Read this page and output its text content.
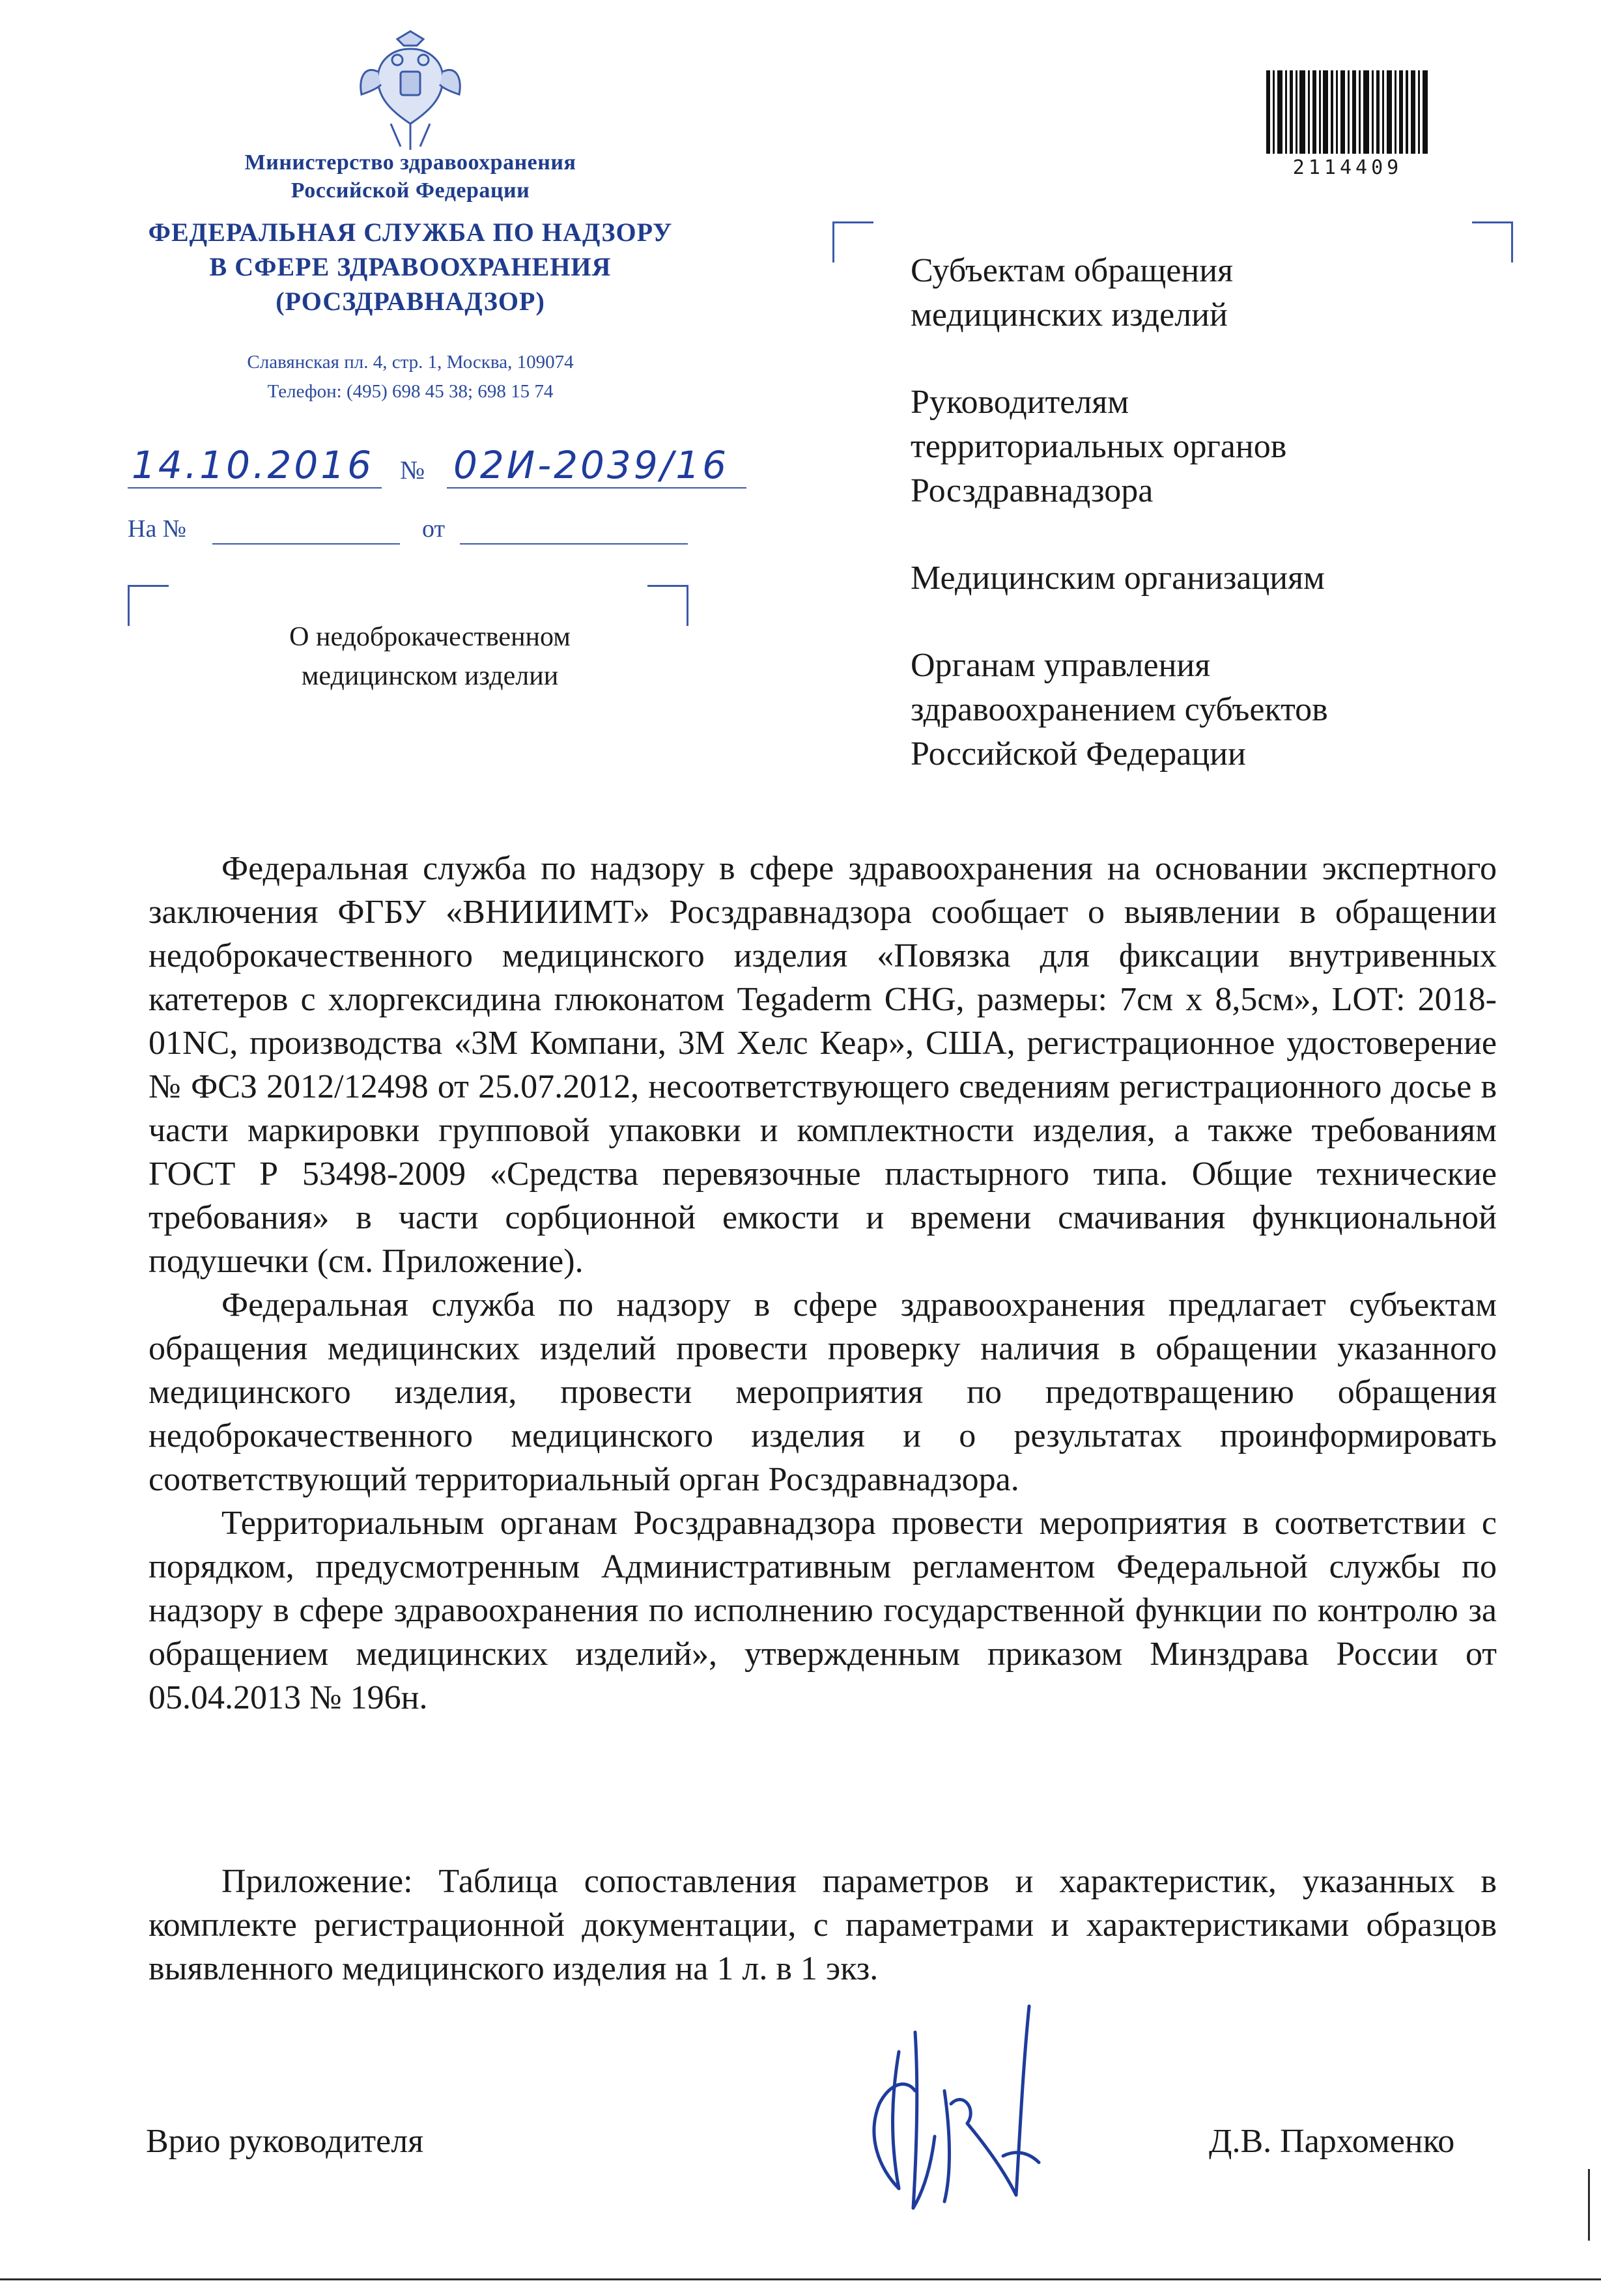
Министерство здравоохранения
Российской Федерации
ФЕДЕРАЛЬНАЯ СЛУЖБА ПО НАДЗОРУ
В СФЕРЕ ЗДРАВООХРАНЕНИЯ
(РОСЗДРАВНАДЗОР)
Славянская пл. 4, стр. 1, Москва, 109074
Телефон: (495) 698 45 38; 698 15 74
14.10.2016 № 02И-2039/16
На №	от
О недоброкачественном
медицинском изделии
2114409
Субъектам обращения
медицинских изделий
Руководителям
территориальных органов
Росздравнадзора
Медицинским организациям
Органам управления
здравоохранением субъектов
Российской Федерации

Федеральная служба по надзору в сфере здравоохранения на основании экспертного заключения ФГБУ «ВНИИИМТ» Росздравнадзора сообщает о выявлении в обращении недоброкачественного медицинского изделия «Повязка для фиксации внутривенных катетеров с хлоргексидина глюконатом Tegaderm CHG, размеры: 7см х 8,5см», LOT: 2018-01NC, производства «3М Компани, 3М Хелс Кеар», США, регистрационное удостоверение № ФСЗ 2012/12498 от 25.07.2012, несоответствующего сведениям регистрационного досье в части маркировки групповой упаковки и комплектности изделия, а также требованиям ГОСТ Р 53498-2009 «Средства перевязочные пластырного типа. Общие технические требования» в части сорбционной емкости и времени смачивания функциональной подушечки (см. Приложение).

Федеральная служба по надзору в сфере здравоохранения предлагает субъектам обращения медицинских изделий провести проверку наличия в обращении указанного медицинского изделия, провести мероприятия по предотвращению обращения недоброкачественного медицинского изделия и о результатах проинформировать соответствующий территориальный орган Росздравнадзора.

Территориальным органам Росздравнадзора провести мероприятия в соответствии с порядком, предусмотренным Административным регламентом Федеральной службы по надзору в сфере здравоохранения по исполнению государственной функции по контролю за обращением медицинских изделий», утвержденным приказом Минздрава России от 05.04.2013 № 196н.

Приложение: Таблица сопоставления параметров и характеристик, указанных в комплекте регистрационной документации, с параметрами и характеристиками образцов выявленного медицинского изделия на 1 л. в 1 экз.
Врио руководителя	Д.В. Пархоменко
